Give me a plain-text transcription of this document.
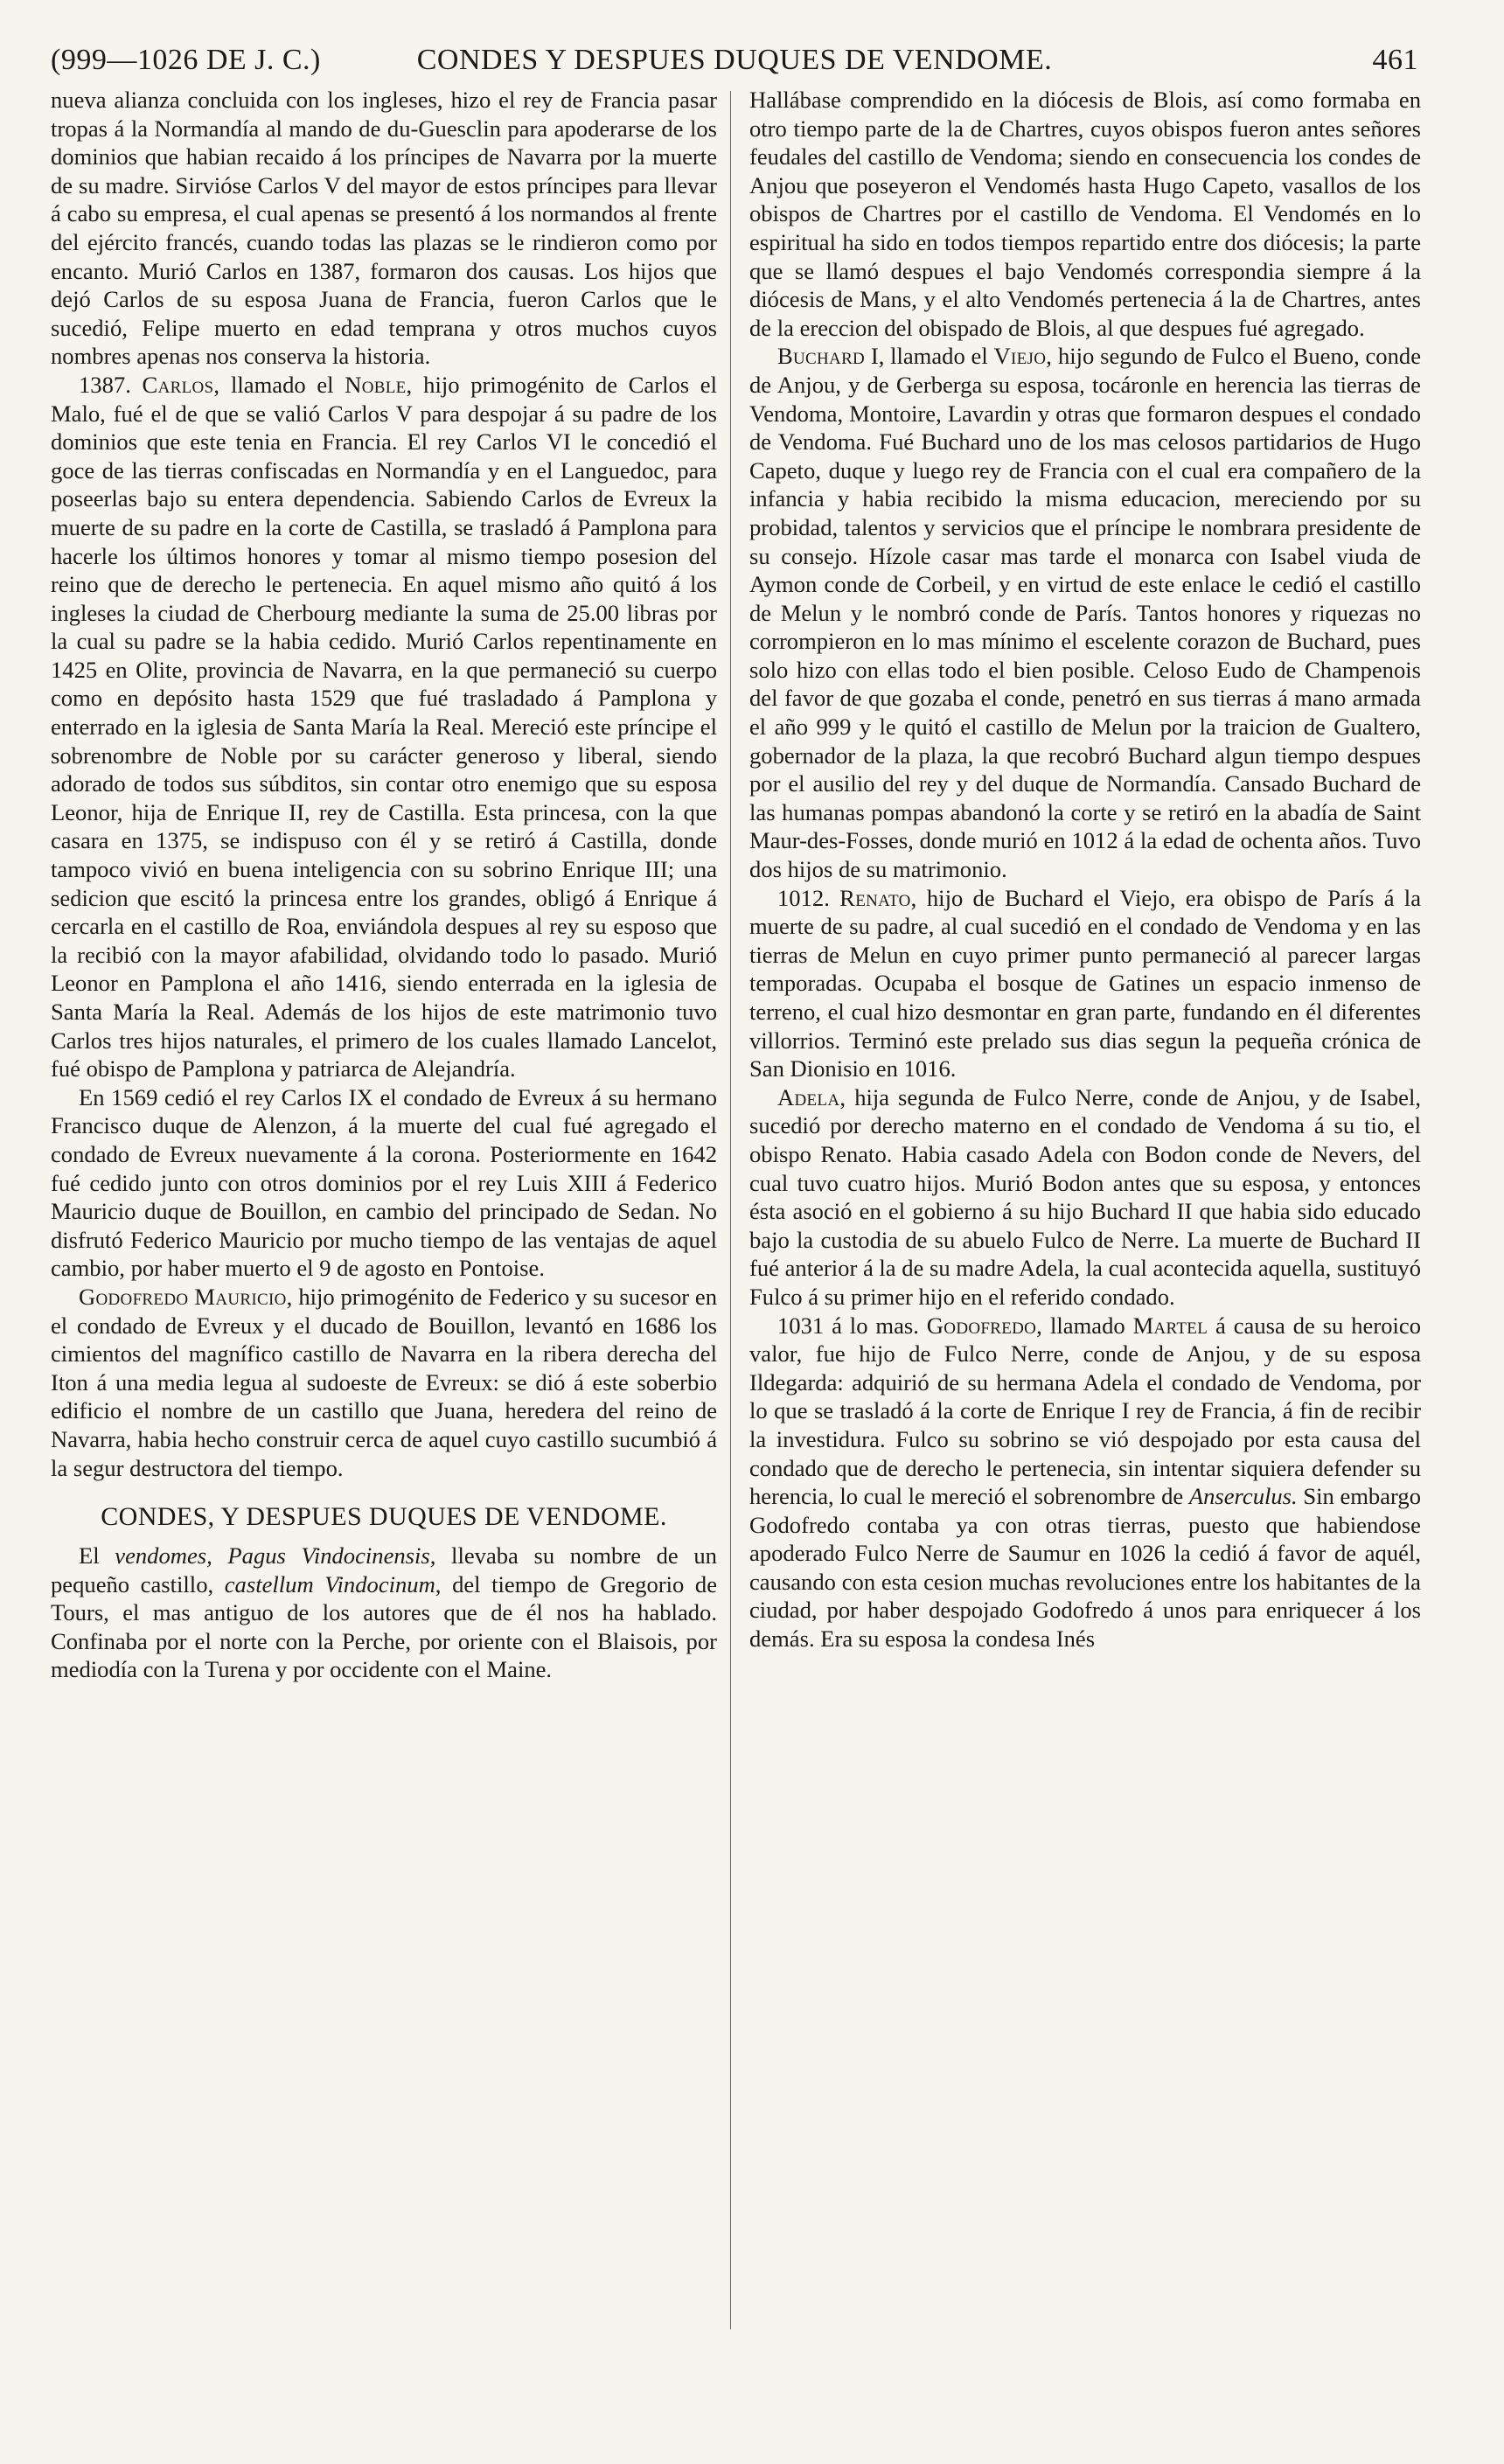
(999—1026 DE J. C.)	CONDES Y DESPUES DUQUES DE VENDOME.	461

nueva alianza concluida con los ingleses, hizo el rey de Francia pasar tropas á la Normandía al mando de du-Guesclin para apoderarse de los dominios que habian recaido á los príncipes de Navarra por la muerte de su madre. Sirvióse Carlos V del mayor de estos príncipes para llevar á cabo su empresa, el cual apenas se presentó á los normandos al frente del ejército francés, cuando todas las plazas se le rindieron como por encanto. Murió Carlos en 1387, formaron dos causas. Los hijos que dejó Carlos de su esposa Juana de Francia, fueron Carlos que le sucedió, Felipe muerto en edad temprana y otros muchos cuyos nombres apenas nos conserva la historia.

1387. Carlos, llamado el Noble, hijo primogénito de Carlos el Malo, fué el de que se valió Carlos V para despojar á su padre de los dominios que este tenia en Francia. El rey Carlos VI le concedió el goce de las tierras confiscadas en Normandía y en el Languedoc, para poseerlas bajo su entera dependencia. Sabiendo Carlos de Evreux la muerte de su padre en la corte de Castilla, se trasladó á Pamplona para hacerle los últimos honores y tomar al mismo tiempo posesion del reino que de derecho le pertenecia. En aquel mismo año quitó á los ingleses la ciudad de Cherbourg mediante la suma de 25.00 libras por la cual su padre se la habia cedido. Murió Carlos repentinamente en 1425 en Olite, provincia de Navarra, en la que permaneció su cuerpo como en depósito hasta 1529 que fué trasladado á Pamplona y enterrado en la iglesia de Santa María la Real. Mereció este príncipe el sobrenombre de Noble por su carácter generoso y liberal, siendo adorado de todos sus súbditos, sin contar otro enemigo que su esposa Leonor, hija de Enrique II, rey de Castilla. Esta princesa, con la que casara en 1375, se indispuso con él y se retiró á Castilla, donde tampoco vivió en buena inteligencia con su sobrino Enrique III; una sedicion que escitó la princesa entre los grandes, obligó á Enrique á cercarla en el castillo de Roa, enviándola despues al rey su esposo que la recibió con la mayor afabilidad, olvidando todo lo pasado. Murió Leonor en Pamplona el año 1416, siendo enterrada en la iglesia de Santa María la Real. Además de los hijos de este matrimonio tuvo Carlos tres hijos naturales, el primero de los cuales llamado Lancelot, fué obispo de Pamplona y patriarca de Alejandría.

En 1569 cedió el rey Carlos IX el condado de Evreux á su hermano Francisco duque de Alenzon, á la muerte del cual fué agregado el condado de Evreux nuevamente á la corona. Posteriormente en 1642 fué cedido junto con otros dominios por el rey Luis XIII á Federico Mauricio duque de Bouillon, en cambio del principado de Sedan. No disfrutó Federico Mauricio por mucho tiempo de las ventajas de aquel cambio, por haber muerto el 9 de agosto en Pontoise.

Godofredo Mauricio, hijo primogénito de Federico y su sucesor en el condado de Evreux y el ducado de Bouillon, levantó en 1686 los cimientos del magnífico castillo de Navarra en la ribera derecha del Iton á una media legua al sudoeste de Evreux: se dió á este soberbio edificio el nombre de un castillo que Juana, heredera del reino de Navarra, habia hecho construir cerca de aquel cuyo castillo sucumbió á la segur destructora del tiempo.

CONDES, Y DESPUES DUQUES DE VENDOME.

El vendomes, Pagus Vindocinensis, llevaba su nombre de un pequeño castillo, castellum Vindocinum, del tiempo de Gregorio de Tours, el mas antiguo de los autores que de él nos ha hablado. Confinaba por el norte con la Perche, por oriente con el Blaisois, por mediodía con la Turena y por occidente con el Maine.

Hallábase comprendido en la diócesis de Blois, así como formaba en otro tiempo parte de la de Chartres, cuyos obispos fueron antes señores feudales del castillo de Vendoma; siendo en consecuencia los condes de Anjou que poseyeron el Vendomés hasta Hugo Capeto, vasallos de los obispos de Chartres por el castillo de Vendoma. El Vendomés en lo espiritual ha sido en todos tiempos repartido entre dos diócesis; la parte que se llamó despues el bajo Vendomés correspondia siempre á la diócesis de Mans, y el alto Vendomés pertenecia á la de Chartres, antes de la ereccion del obispado de Blois, al que despues fué agregado.

Buchard I, llamado el Viejo, hijo segundo de Fulco el Bueno, conde de Anjou, y de Gerberga su esposa, tocáronle en herencia las tierras de Vendoma, Montoire, Lavardin y otras que formaron despues el condado de Vendoma. Fué Buchard uno de los mas celosos partidarios de Hugo Capeto, duque y luego rey de Francia con el cual era compañero de la infancia y habia recibido la misma educacion, mereciendo por su probidad, talentos y servicios que el príncipe le nombrara presidente de su consejo. Hízole casar mas tarde el monarca con Isabel viuda de Aymon conde de Corbeil, y en virtud de este enlace le cedió el castillo de Melun y le nombró conde de París. Tantos honores y riquezas no corrompieron en lo mas mínimo el escelente corazon de Buchard, pues solo hizo con ellas todo el bien posible. Celoso Eudo de Champenois del favor de que gozaba el conde, penetró en sus tierras á mano armada el año 999 y le quitó el castillo de Melun por la traicion de Gualtero, gobernador de la plaza, la que recobró Buchard algun tiempo despues por el ausilio del rey y del duque de Normandía. Cansado Buchard de las humanas pompas abandonó la corte y se retiró en la abadía de Saint Maur-des-Fosses, donde murió en 1012 á la edad de ochenta años. Tuvo dos hijos de su matrimonio.

1012. Renato, hijo de Buchard el Viejo, era obispo de París á la muerte de su padre, al cual sucedió en el condado de Vendoma y en las tierras de Melun en cuyo primer punto permaneció al parecer largas temporadas. Ocupaba el bosque de Gatines un espacio inmenso de terreno, el cual hizo desmontar en gran parte, fundando en él diferentes villorrios. Terminó este prelado sus dias segun la pequeña crónica de San Dionisio en 1016.

Adela, hija segunda de Fulco Nerre, conde de Anjou, y de Isabel, sucedió por derecho materno en el condado de Vendoma á su tio, el obispo Renato. Habia casado Adela con Bodon conde de Nevers, del cual tuvo cuatro hijos. Murió Bodon antes que su esposa, y entonces ésta asoció en el gobierno á su hijo Buchard II que habia sido educado bajo la custodia de su abuelo Fulco de Nerre. La muerte de Buchard II fué anterior á la de su madre Adela, la cual acontecida aquella, sustituyó Fulco á su primer hijo en el referido condado.

1031 á lo mas. Godofredo, llamado Martel á causa de su heroico valor, fue hijo de Fulco Nerre, conde de Anjou, y de su esposa Ildegarda: adquirió de su hermana Adela el condado de Vendoma, por lo que se trasladó á la corte de Enrique I rey de Francia, á fin de recibir la investidura. Fulco su sobrino se vió despojado por esta causa del condado que de derecho le pertenecia, sin intentar siquiera defender su herencia, lo cual le mereció el sobrenombre de Anserculus. Sin embargo Godofredo contaba ya con otras tierras, puesto que habiendose apoderado Fulco Nerre de Saumur en 1026 la cedió á favor de aquél, causando con esta cesion muchas revoluciones entre los habitantes de la ciudad, por haber despojado Godofredo á unos para enriquecer á los demás. Era su esposa la condesa Inés
